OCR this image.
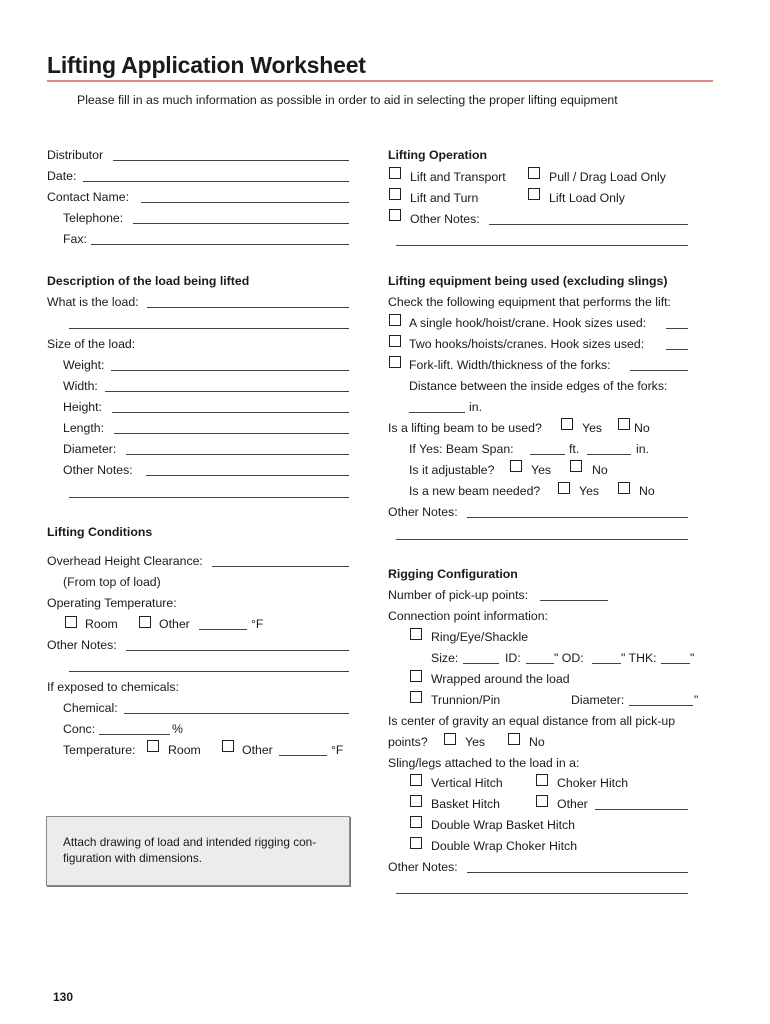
Lifting Application Worksheet
Please fill in as much information as possible in order to aid in selecting the proper lifting equipment
Distributor
Date:
Contact Name:
Telephone:
Fax:
Description of the load being lifted
What is the load:
Size of the load:
Weight:
Width:
Height:
Length:
Diameter:
Other Notes:
Lifting Conditions
Overhead Height Clearance:
(From top of load)
Operating Temperature:
Room	Other	°F
Other Notes:
If exposed to chemicals:
Chemical:
Conc:	%
Temperature:	Room	Other	°F
Attach drawing of load and intended rigging con-figuration with dimensions.
130
Lifting Operation
Lift and Transport	Pull / Drag Load Only
Lift and Turn	Lift Load Only
Other Notes:
Lifting equipment being used (excluding slings)
Check the following equipment that performs the lift:
A single hook/hoist/crane. Hook sizes used:
Two hooks/hoists/cranes. Hook sizes used:
Fork-lift. Width/thickness of the forks:
Distance between the inside edges of the forks:
in.
Is a lifting beam to be used?	Yes	No
If Yes: Beam Span:	ft.	in.
Is it adjustable?	Yes	No
Is a new beam needed?	Yes	No
Other Notes:
Rigging Configuration
Number of pick-up points:
Connection point information:
Ring/Eye/Shackle
Size:	ID:	" OD:	" THK:	"
Wrapped around the load
Trunnion/Pin	Diameter:	"
Is center of gravity an equal distance from all pick-up
points?	Yes	No
Sling/legs attached to the load in a:
Vertical Hitch	Choker Hitch
Basket Hitch	Other
Double Wrap Basket Hitch
Double Wrap Choker Hitch
Other Notes:
